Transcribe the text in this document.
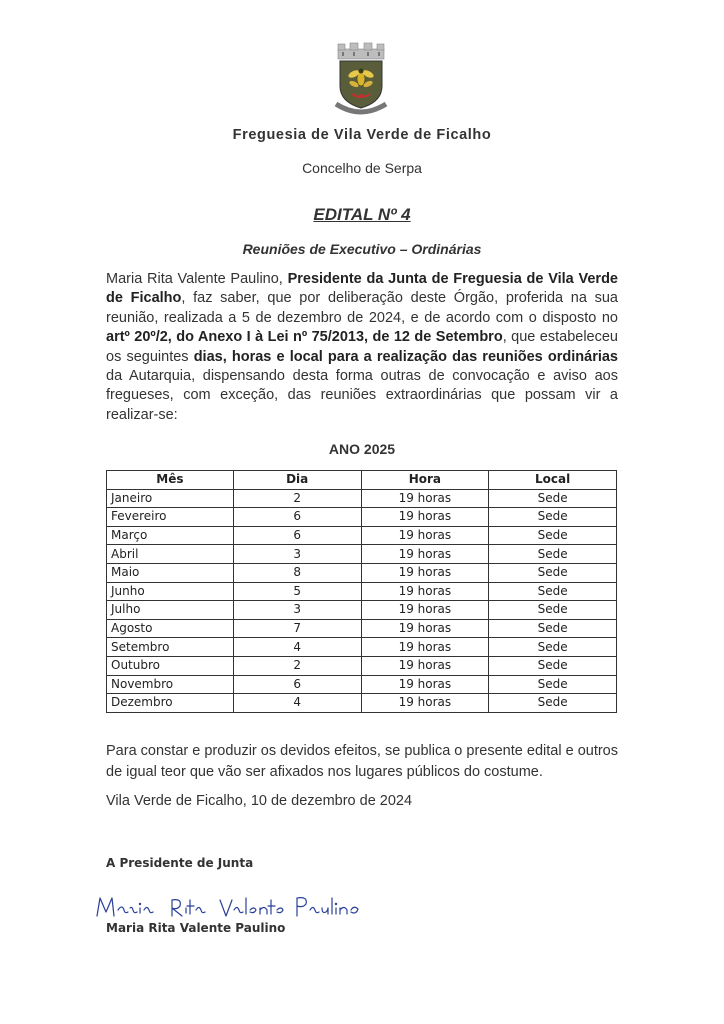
Freguesia de Vila Verde de Ficalho
Concelho de Serpa
EDITAL Nº 4
Reuniões de Executivo – Ordinárias
Maria Rita Valente Paulino, Presidente da Junta de Freguesia de Vila Verde de Ficalho, faz saber, que por deliberação deste Órgão, proferida na sua reunião, realizada a 5 de dezembro de 2024, e de acordo com o disposto no artº 20º/2, do Anexo I à Lei nº 75/2013, de 12 de Setembro, que estabeleceu os seguintes dias, horas e local para a realização das reuniões ordinárias da Autarquia, dispensando desta forma outras de convocação e aviso aos fregueses, com exceção, das reuniões extraordinárias que possam vir a realizar-se:
ANO 2025
Mês	Dia	Hora	Local
Janeiro	2	19 horas	Sede
Fevereiro	6	19 horas	Sede
Março	6	19 horas	Sede
Abril	3	19 horas	Sede
Maio	8	19 horas	Sede
Junho	5	19 horas	Sede
Julho	3	19 horas	Sede
Agosto	7	19 horas	Sede
Setembro	4	19 horas	Sede
Outubro	2	19 horas	Sede
Novembro	6	19 horas	Sede
Dezembro	4	19 horas	Sede
Para constar e produzir os devidos efeitos, se publica o presente edital e outros de igual teor que vão ser afixados nos lugares públicos do costume.
Vila Verde de Ficalho, 10 de dezembro de 2024
A Presidente de Junta
Maria Rita Valente Paulino
